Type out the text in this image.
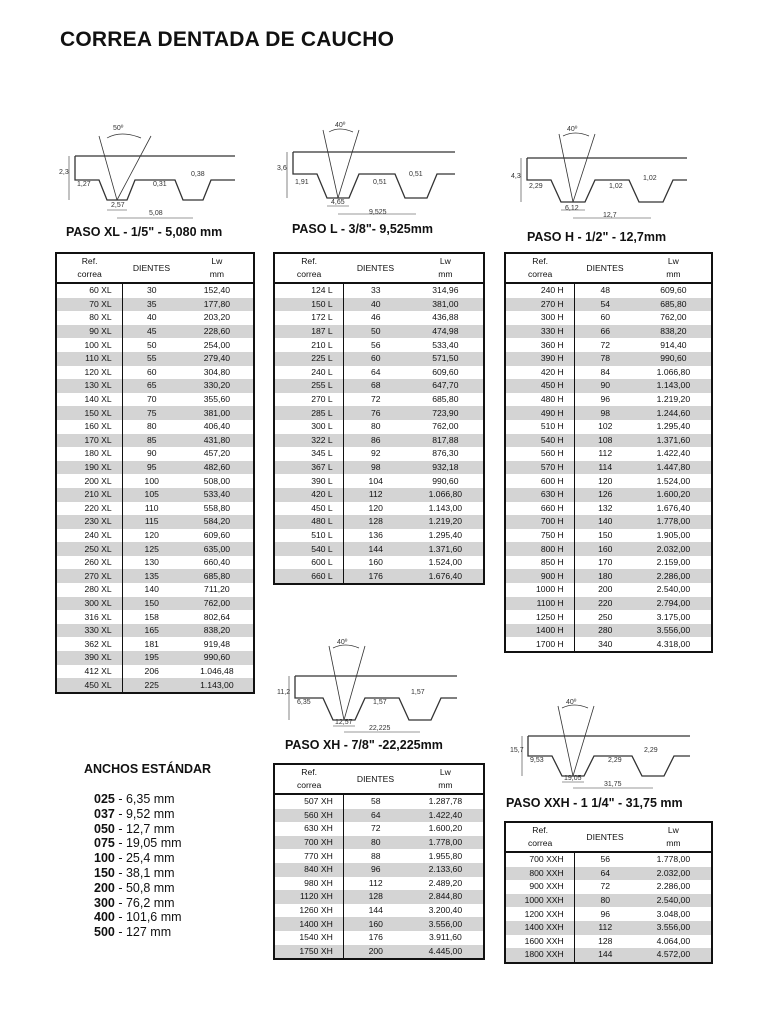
CORREA DENTADA DE CAUCHO
50º
2,3
1,27
0,38
0,31
2,57
5,08
40º
3,6
1,91
0,51
0,51
4,65
9,525
40º
4,3
2,29
1,02
1,02
6,12
12,7
40º
11,2
6,35
1,57
1,57
12,57
22,225
40º
15,7
9,53
2,29
2,29
19,05
31,75
PASO XL - 1/5" - 5,080 mm	PASO L - 3/8"- 9,525mm
PASO H - 1/2" - 12,7mm
PASO XH - 7/8" -22,225mm
PASO XXH - 1 1/4" - 31,75 mm
Ref.
correa	DIENTES	Lw
mm
60 XL	30	152,40
70 XL	35	177,80
80 XL	40	203,20
90 XL	45	228,60
100 XL	50	254,00
110 XL	55	279,40
120 XL	60	304,80
130 XL	65	330,20
140 XL	70	355,60
150 XL	75	381,00
160 XL	80	406,40
170 XL	85	431,80
180 XL	90	457,20
190 XL	95	482,60
200 XL	100	508,00
210 XL	105	533,40
220 XL	110	558,80
230 XL	115	584,20
240 XL	120	609,60
250 XL	125	635,00
260 XL	130	660,40
270 XL	135	685,80
280 XL	140	711,20
300 XL	150	762,00
316 XL	158	802,64
330 XL	165	838,20
362 XL	181	919,48
390 XL	195	990,60
412 XL	206	1.046,48
450 XL	225	1.143,00
Ref.
correa	DIENTES	Lw
mm
124 L	33	314,96
150 L	40	381,00
172 L	46	436,88
187 L	50	474,98
210 L	56	533,40
225 L	60	571,50
240 L	64	609,60
255 L	68	647,70
270 L	72	685,80
285 L	76	723,90
300 L	80	762,00
322 L	86	817,88
345 L	92	876,30
367 L	98	932,18
390 L	104	990,60
420 L	112	1.066,80
450 L	120	1.143,00
480 L	128	1.219,20
510 L	136	1.295,40
540 L	144	1.371,60
600 L	160	1.524,00
660 L	176	1.676,40
Ref.
correa	DIENTES	Lw
mm
240 H	48	609,60
270 H	54	685,80
300 H	60	762,00
330 H	66	838,20
360 H	72	914,40
390 H	78	990,60
420 H	84	1.066,80
450 H	90	1.143,00
480 H	96	1.219,20
490 H	98	1.244,60
510 H	102	1.295,40
540 H	108	1.371,60
560 H	112	1.422,40
570 H	114	1.447,80
600 H	120	1.524,00
630 H	126	1.600,20
660 H	132	1.676,40
700 H	140	1.778,00
750 H	150	1.905,00
800 H	160	2.032,00
850 H	170	2.159,00
900 H	180	2.286,00
1000 H	200	2.540,00
1100 H	220	2.794,00
1250 H	250	3.175,00
1400 H	280	3.556,00
1700 H	340	4.318,00
Ref.
correa	DIENTES	Lw
mm
507 XH	58	1.287,78
560 XH	64	1.422,40
630 XH	72	1.600,20
700 XH	80	1.778,00
770 XH	88	1.955,80
840 XH	96	2.133,60
980 XH	112	2.489,20
1120 XH	128	2.844,80
1260 XH	144	3.200,40
1400 XH	160	3.556,00
1540 XH	176	3.911,60
1750 XH	200	4.445,00
Ref.
correa	DIENTES	Lw
mm
700 XXH	56	1.778,00
800 XXH	64	2.032,00
900 XXH	72	2.286,00
1000 XXH	80	2.540,00
1200 XXH	96	3.048,00
1400 XXH	112	3.556,00
1600 XXH	128	4.064,00
1800 XXH	144	4.572,00
ANCHOS ESTÁNDAR
025 - 6,35 mm
037 - 9,52 mm
050 - 12,7 mm
075 - 19,05 mm
100 - 25,4 mm
150 - 38,1 mm
200 - 50,8 mm
300 - 76,2 mm
400 - 101,6 mm
500 - 127 mm
